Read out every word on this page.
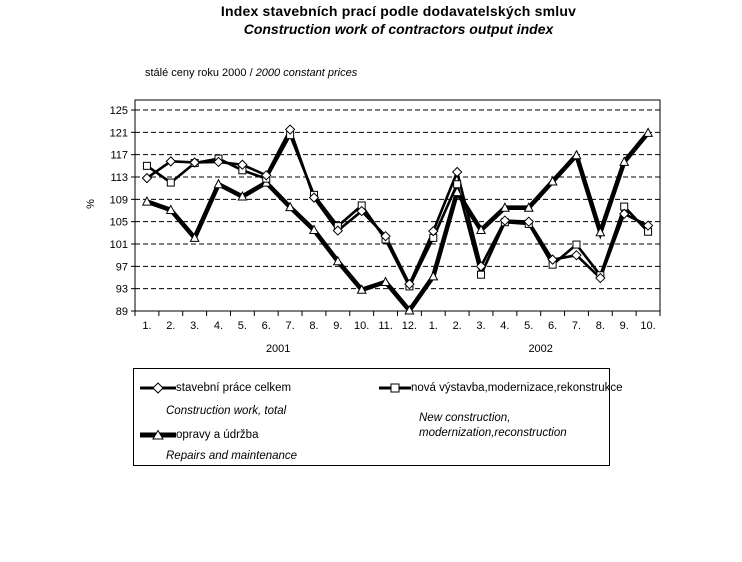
Index stavebních prací podle dodavatelských smluv
Construction work of contractors output index
stálé ceny roku 2000 / 2000 constant prices
%
89
93
97
101
105
109
113
117
121
125
1. 2. 3. 4. 5. 6. 7. 8. 9. 10. 11. 12. 1. 2. 3. 4. 5. 6. 7. 8. 9. 10.
2001	2002
stavební práce celkem
Construction work, total
opravy a údržba
Repairs and maintenance
nová výstavba,modernizace,rekonstrukce
New construction,
modernization,reconstruction
